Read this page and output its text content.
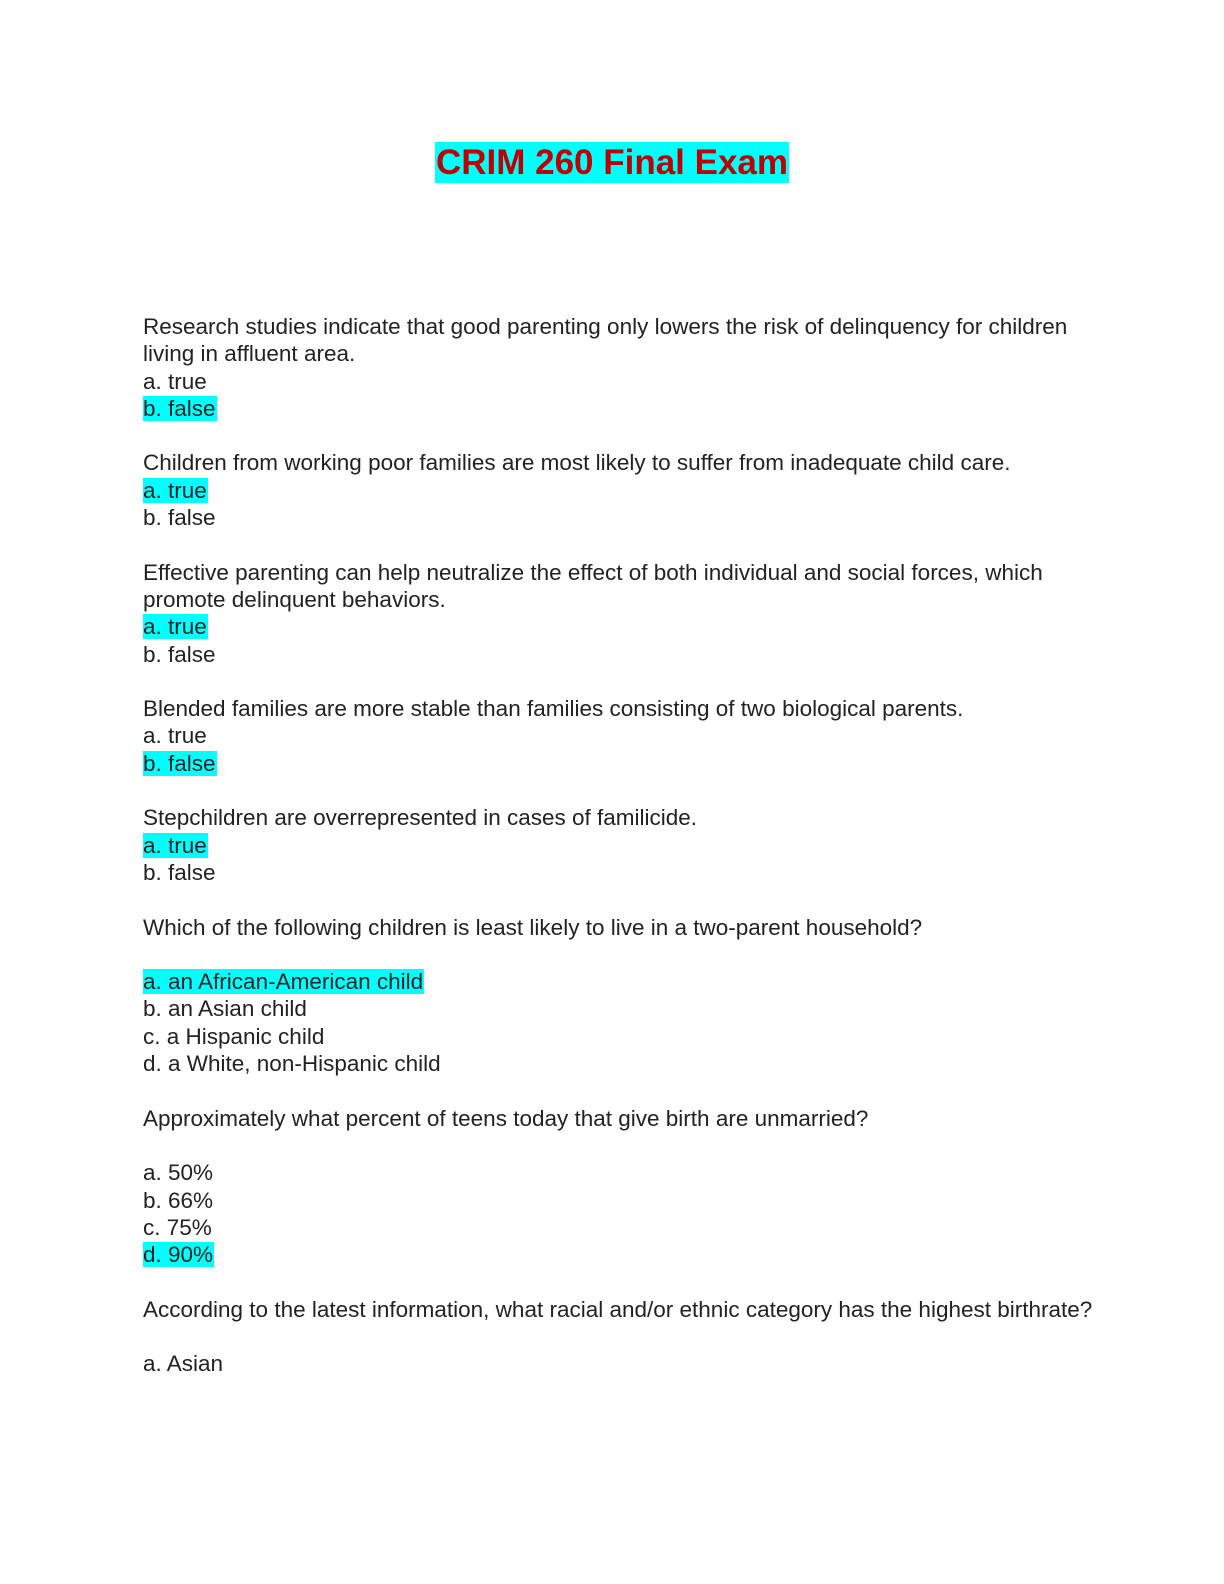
CRIM 260 Final Exam
Research studies indicate that good parenting only lowers the risk of delinquency for children living in affluent area.
a. true
b. false
Children from working poor families are most likely to suffer from inadequate child care.
a. true
b. false
Effective parenting can help neutralize the effect of both individual and social forces, which promote delinquent behaviors.
a. true
b. false
Blended families are more stable than families consisting of two biological parents.
a. true
b. false
Stepchildren are overrepresented in cases of familicide.
a. true
b. false
Which of the following children is least likely to live in a two-parent household?
a. an African-American child
b. an Asian child
c. a Hispanic child
d. a White, non-Hispanic child
Approximately what percent of teens today that give birth are unmarried?
a. 50%
b. 66%
c. 75%
d. 90%
According to the latest information, what racial and/or ethnic category has the highest birthrate?
a. Asian
